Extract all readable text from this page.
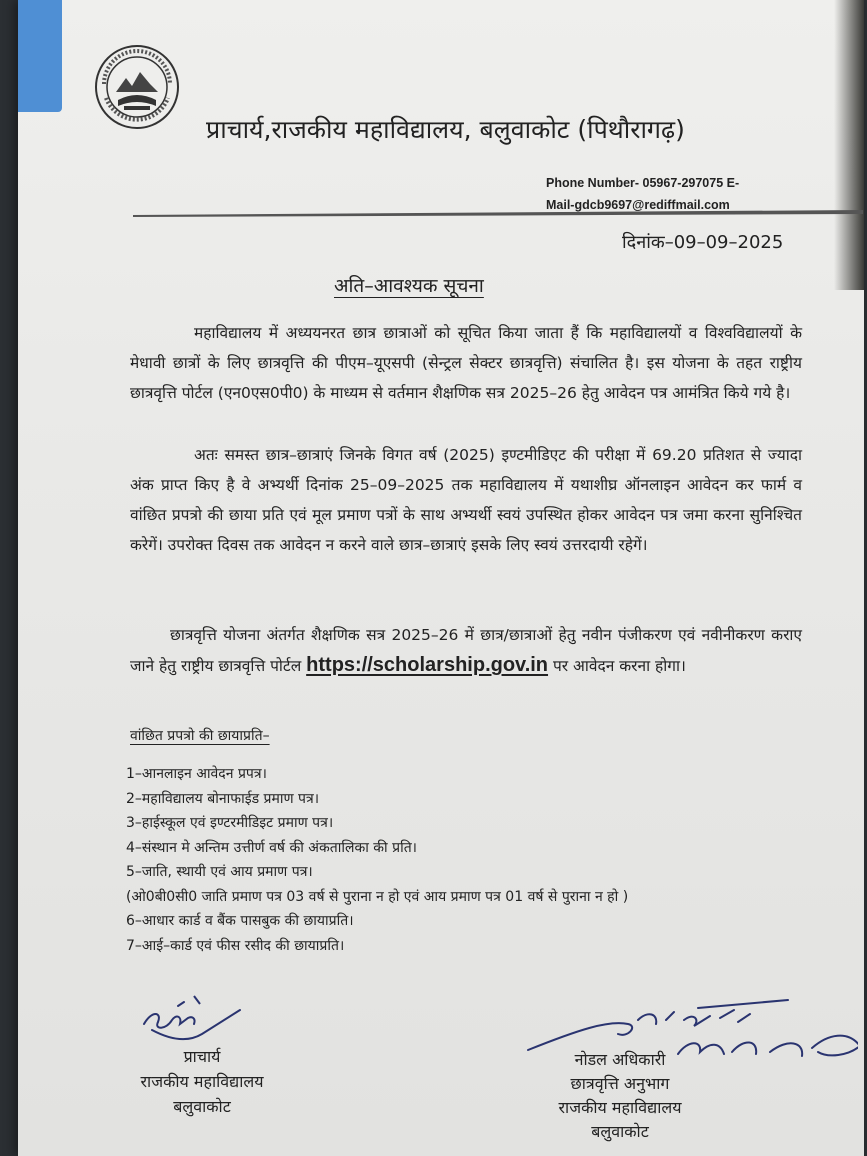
प्राचार्य,राजकीय महाविद्यालय, बलुवाकोट (पिथौरागढ़)
Phone Number- 05967-297075 E-
Mail-gdcb9697@rediffmail.com
दिनांक–09–09–2025
अति–आवश्यक सूचना
महाविद्यालय में अध्ययनरत छात्र छात्राओं को सूचित किया जाता हैं कि महाविद्यालयों व विश्वविद्यालयों के मेधावी छात्रों के लिए छात्रवृत्ति की पीएम–यूएसपी (सेन्ट्रल सेक्टर छात्रवृत्ति) संचालित है। इस योजना के तहत राष्ट्रीय छात्रवृत्ति पोर्टल (एन0एस0पी0) के माध्यम से वर्तमान शैक्षणिक सत्र 2025–26 हेतु आवेदन पत्र आमंत्रित किये गये है।
अतः समस्त छात्र–छात्राएं जिनके विगत वर्ष (2025) इण्टमीडिएट की परीक्षा में 69.20 प्रतिशत से ज्यादा अंक प्राप्त किए है वे अभ्यर्थी दिनांक 25–09–2025 तक महाविद्यालय में यथाशीघ्र ऑनलाइन आवेदन कर फार्म व वांछित प्रपत्रो की छाया प्रति एवं मूल प्रमाण पत्रों के साथ अभ्यर्थी स्वयं उपस्थित होकर आवेदन पत्र जमा करना सुनिश्चित करेगें। उपरोक्त दिवस तक आवेदन न करने वाले छात्र–छात्राएं इसके लिए स्वयं उत्तरदायी रहेगें।
छात्रवृत्ति योजना अंतर्गत शैक्षणिक सत्र 2025–26 में छात्र/छात्राओं हेतु नवीन पंजीकरण एवं नवीनीकरण कराए जाने हेतु राष्ट्रीय छात्रवृत्ति पोर्टल https://scholarship.gov.in पर आवेदन करना होगा।
वांछित प्रपत्रो की छायाप्रति–
1–आनलाइन आवेदन प्रपत्र।
2–महाविद्यालय बोनाफाईड प्रमाण पत्र।
3–हाईस्कूल एवं इण्टरमीडिइट प्रमाण पत्र।
4–संस्थान मे अन्तिम उत्तीर्ण वर्ष की अंकतालिका की प्रति।
5–जाति, स्थायी एवं आय प्रमाण पत्र।
(ओ0बी0सी0 जाति प्रमाण पत्र 03 वर्ष से पुराना न हो एवं आय प्रमाण पत्र 01 वर्ष से पुराना न हो )
6–आधार कार्ड व बैंक पासबुक की छायाप्रति।
7–आई–कार्ड एवं फीस रसीद की छायाप्रति।
प्राचार्य
राजकीय महाविद्यालय
बलुवाकोट
नोडल अधिकारी
छात्रवृत्ति अनुभाग
राजकीय महाविद्यालय
बलुवाकोट
